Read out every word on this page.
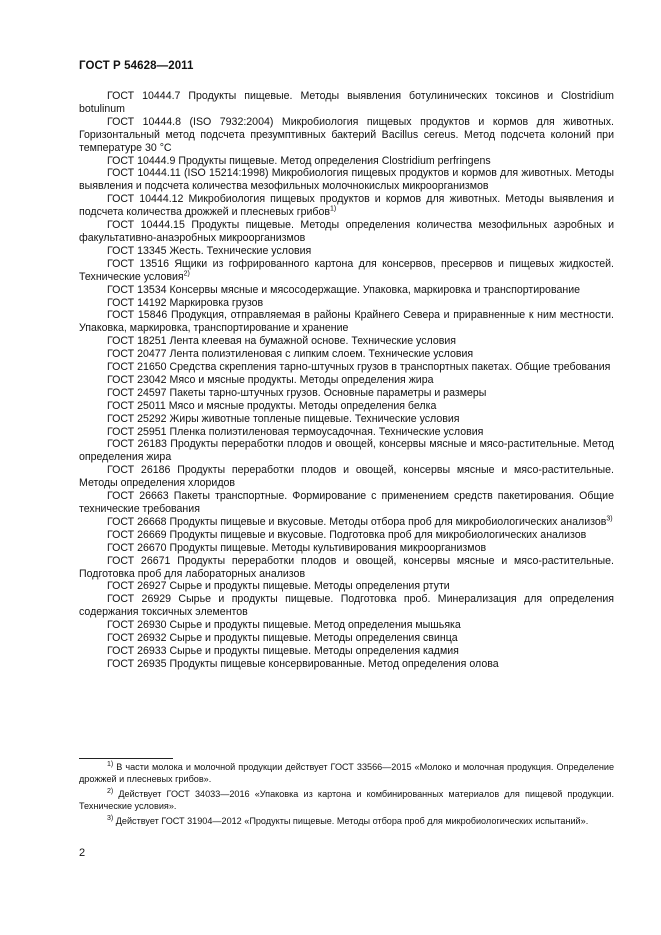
ГОСТ Р 54628—2011

ГОСТ 10444.7 Продукты пищевые. Методы выявления ботулинических токсинов и Clostridium botulinum

ГОСТ 10444.8 (ISO 7932:2004) Микробиология пищевых продуктов и кормов для животных. Горизонтальный метод подсчета презумптивных бактерий Bacillus cereus. Метод подсчета колоний при температуре 30 °С

ГОСТ 10444.9 Продукты пищевые. Метод определения Clostridium perfringens

ГОСТ 10444.11 (ISO 15214:1998) Микробиология пищевых продуктов и кормов для животных. Методы выявления и подсчета количества мезофильных молочнокислых микроорганизмов

ГОСТ 10444.12 Микробиология пищевых продуктов и кормов для животных. Методы выявления и подсчета количества дрожжей и плесневых грибов$^{1)}$

ГОСТ 10444.15 Продукты пищевые. Методы определения количества мезофильных аэробных и факультативно-анаэробных микроорганизмов

ГОСТ 13345 Жесть. Технические условия

ГОСТ 13516 Ящики из гофрированного картона для консервов, пресервов и пищевых жидкостей. Технические условия$^{2)}$

ГОСТ 13534 Консервы мясные и мясосодержащие. Упаковка, маркировка и транспортирование

ГОСТ 14192 Маркировка грузов

ГОСТ 15846 Продукция, отправляемая в районы Крайнего Севера и приравненные к ним местности. Упаковка, маркировка, транспортирование и хранение

ГОСТ 18251 Лента клеевая на бумажной основе. Технические условия

ГОСТ 20477 Лента полиэтиленовая с липким слоем. Технические условия

ГОСТ 21650 Средства скрепления тарно-штучных грузов в транспортных пакетах. Общие требования

ГОСТ 23042 Мясо и мясные продукты. Методы определения жира

ГОСТ 24597 Пакеты тарно-штучных грузов. Основные параметры и размеры

ГОСТ 25011 Мясо и мясные продукты. Методы определения белка

ГОСТ 25292 Жиры животные топленые пищевые. Технические условия

ГОСТ 25951 Пленка полиэтиленовая термоусадочная. Технические условия

ГОСТ 26183 Продукты переработки плодов и овощей, консервы мясные и мясо-растительные. Метод определения жира

ГОСТ 26186 Продукты переработки плодов и овощей, консервы мясные и мясо-растительные. Методы определения хлоридов

ГОСТ 26663 Пакеты транспортные. Формирование с применением средств пакетирования. Общие технические требования

ГОСТ 26668 Продукты пищевые и вкусовые. Методы отбора проб для микробиологических анализов$^{3)}$

ГОСТ 26669 Продукты пищевые и вкусовые. Подготовка проб для микробиологических анализов

ГОСТ 26670 Продукты пищевые. Методы культивирования микроорганизмов

ГОСТ 26671 Продукты переработки плодов и овощей, консервы мясные и мясо-растительные. Подготовка проб для лабораторных анализов

ГОСТ 26927 Сырье и продукты пищевые. Методы определения ртути

ГОСТ 26929 Сырье и продукты пищевые. Подготовка проб. Минерализация для определения содержания токсичных элементов

ГОСТ 26930 Сырье и продукты пищевые. Метод определения мышьяка

ГОСТ 26932 Сырье и продукты пищевые. Методы определения свинца

ГОСТ 26933 Сырье и продукты пищевые. Методы определения кадмия

ГОСТ 26935 Продукты пищевые консервированные. Метод определения олова

$^{1)}$ В части молока и молочной продукции действует ГОСТ 33566—2015 «Молоко и молочная продукция. Определение дрожжей и плесневых грибов».

$^{2)}$ Действует ГОСТ 34033—2016 «Упаковка из картона и комбинированных материалов для пищевой продукции. Технические условия».

$^{3)}$ Действует ГОСТ 31904—2012 «Продукты пищевые. Методы отбора проб для микробиологических испытаний».

2
